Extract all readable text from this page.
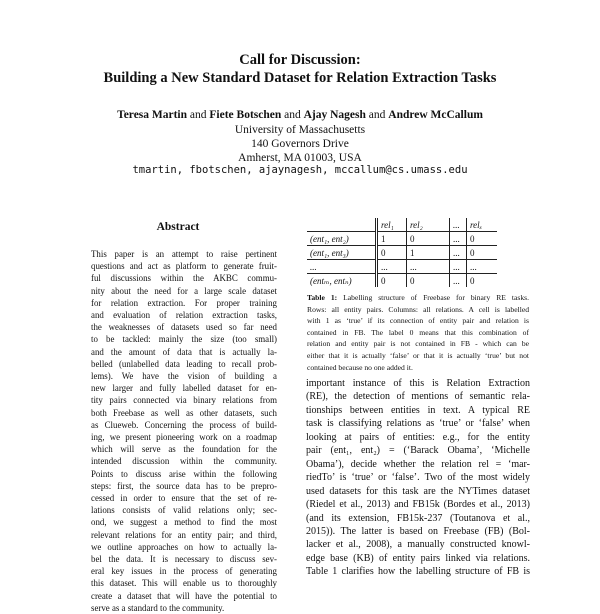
Call for Discussion:
Building a New Standard Dataset for Relation Extraction Tasks
Teresa Martin and Fiete Botschen and Ajay Nagesh and Andrew McCallum
University of Massachusetts
140 Governors Drive
Amherst, MA 01003, USA
tmartin, fbotschen, ajaynagesh, mccallum@cs.umass.edu
Abstract
This paper is an attempt to raise pertinent
questions and act as platform to generate fruit-
ful discussions within the AKBC commu-
nity about the need for a large scale dataset
for relation extraction. For proper training
and evaluation of relation extraction tasks,
the weaknesses of datasets used so far need
to be tackled: mainly the size (too small)
and the amount of data that is actually la-
belled (unlabelled data leading to recall prob-
lems). We have the vision of building a
new larger and fully labelled dataset for en-
tity pairs connected via binary relations from
both Freebase as well as other datasets, such
as Clueweb. Concerning the process of build-
ing, we present pioneering work on a roadmap
which will serve as the foundation for the
intended discussion within the community.
Points to discuss arise within the following
steps: first, the source data has to be prepro-
cessed in order to ensure that the set of re-
lations consists of valid relations only; sec-
ond, we suggest a method to find the most
relevant relations for an entity pair; and third,
we outline approaches on how to actually la-
bel the data. It is necessary to discuss sev-
eral key issues in the process of generating
this dataset. This will enable us to thoroughly
create a dataset that will have the potential to
serve as a standard to the community.
	rel₁	rel₂	...	relₓ
(ent₁, ent₂)	1	0	...	0
(ent₁, ent₃)	0	1	...	0
...	...	...	...	...
(entₘ, entₙ)	0	0	...	0
Table 1: Labelling structure of Freebase for binary RE tasks.
Rows: all entity pairs. Columns: all relations. A cell is labelled
with 1 as ‘true’ if its connection of entity pair and relation is
contained in FB. The label 0 means that this combination of
relation and entity pair is not contained in FB - which can be
either that it is actually ‘false’ or that it is actually ‘true’ but not
contained because no one added it.
important instance of this is Relation Extraction
(RE), the detection of mentions of semantic rela-
tionships between entities in text. A typical RE
task is classifying relations as ‘true’ or ‘false’ when
looking at pairs of entities: e.g., for the entity
pair (ent₁, ent₂) = (‘Barack Obama’, ‘Michelle
Obama’), decide whether the relation rel = ‘mar-
riedTo’ is ‘true’ or ‘false’. Two of the most widely
used datasets for this task are the NYTimes dataset
(Riedel et al., 2013) and FB15k (Bordes et al., 2013)
(and its extension, FB15k-237 (Toutanova et al.,
2015)). The latter is based on Freebase (FB) (Bol-
lacker et al., 2008), a manually constructed knowl-
edge base (KB) of entity pairs linked via relations.
Table 1 clarifies how the labelling structure of FB is
